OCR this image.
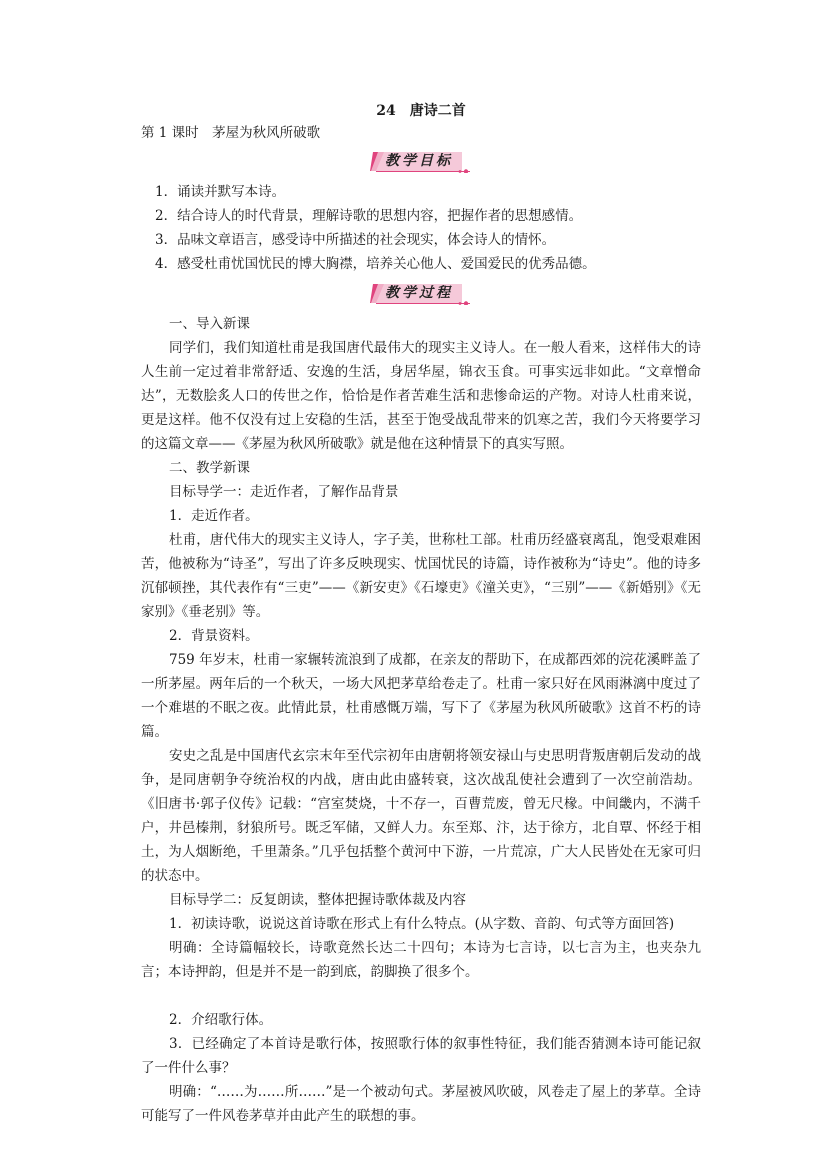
24　唐诗二首

第 1 课时　茅屋为秋风所破歌

教学目标

1．诵读并默写本诗。

2．结合诗人的时代背景，理解诗歌的思想内容，把握作者的思想感情。

3．品味文章语言，感受诗中所描述的社会现实，体会诗人的情怀。

4．感受杜甫忧国忧民的博大胸襟，培养关心他人、爱国爱民的优秀品德。

教学过程

一、导入新课

同学们，我们知道杜甫是我国唐代最伟大的现实主义诗人。在一般人看来，这样伟大的诗人生前一定过着非常舒适、安逸的生活，身居华屋，锦衣玉食。可事实远非如此。“文章憎命达”，无数脍炙人口的传世之作，恰恰是作者苦难生活和悲惨命运的产物。对诗人杜甫来说，更是这样。他不仅没有过上安稳的生活，甚至于饱受战乱带来的饥寒之苦，我们今天将要学习的这篇文章——《茅屋为秋风所破歌》就是他在这种情景下的真实写照。

二、教学新课

目标导学一：走近作者，了解作品背景

1．走近作者。

杜甫，唐代伟大的现实主义诗人，字子美，世称杜工部。杜甫历经盛衰离乱，饱受艰难困苦，他被称为“诗圣”，写出了许多反映现实、忧国忧民的诗篇，诗作被称为“诗史”。他的诗多沉郁顿挫，其代表作有“三吏”——《新安吏》《石壕吏》《潼关吏》，“三别”——《新婚别》《无家别》《垂老别》等。

2．背景资料。

759 年岁末，杜甫一家辗转流浪到了成都，在亲友的帮助下，在成都西郊的浣花溪畔盖了一所茅屋。两年后的一个秋天，一场大风把茅草给卷走了。杜甫一家只好在风雨淋漓中度过了一个难堪的不眠之夜。此情此景，杜甫感慨万端，写下了《茅屋为秋风所破歌》这首不朽的诗篇。

安史之乱是中国唐代玄宗末年至代宗初年由唐朝将领安禄山与史思明背叛唐朝后发动的战争，是同唐朝争夺统治权的内战，唐由此由盛转衰，这次战乱使社会遭到了一次空前浩劫。《旧唐书·郭子仪传》记载：“宫室焚烧，十不存一，百曹荒废，曾无尺椽。中间畿内，不满千户，井邑榛荆，豺狼所号。既乏军储，又鲜人力。东至郑、汴，达于徐方，北自覃、怀经于相土，为人烟断绝，千里萧条。”几乎包括整个黄河中下游，一片荒凉，广大人民皆处在无家可归的状态中。

目标导学二：反复朗读，整体把握诗歌体裁及内容

1．初读诗歌，说说这首诗歌在形式上有什么特点。(从字数、音韵、句式等方面回答)

明确：全诗篇幅较长，诗歌竟然长达二十四句；本诗为七言诗，以七言为主，也夹杂九言；本诗押韵，但是并不是一韵到底，韵脚换了很多个。

2．介绍歌行体。

3．已经确定了本首诗是歌行体，按照歌行体的叙事性特征，我们能否猜测本诗可能记叙了一件什么事？

明确：“……为……所……”是一个被动句式。茅屋被风吹破，风卷走了屋上的茅草。全诗可能写了一件风卷茅草并由此产生的联想的事。
